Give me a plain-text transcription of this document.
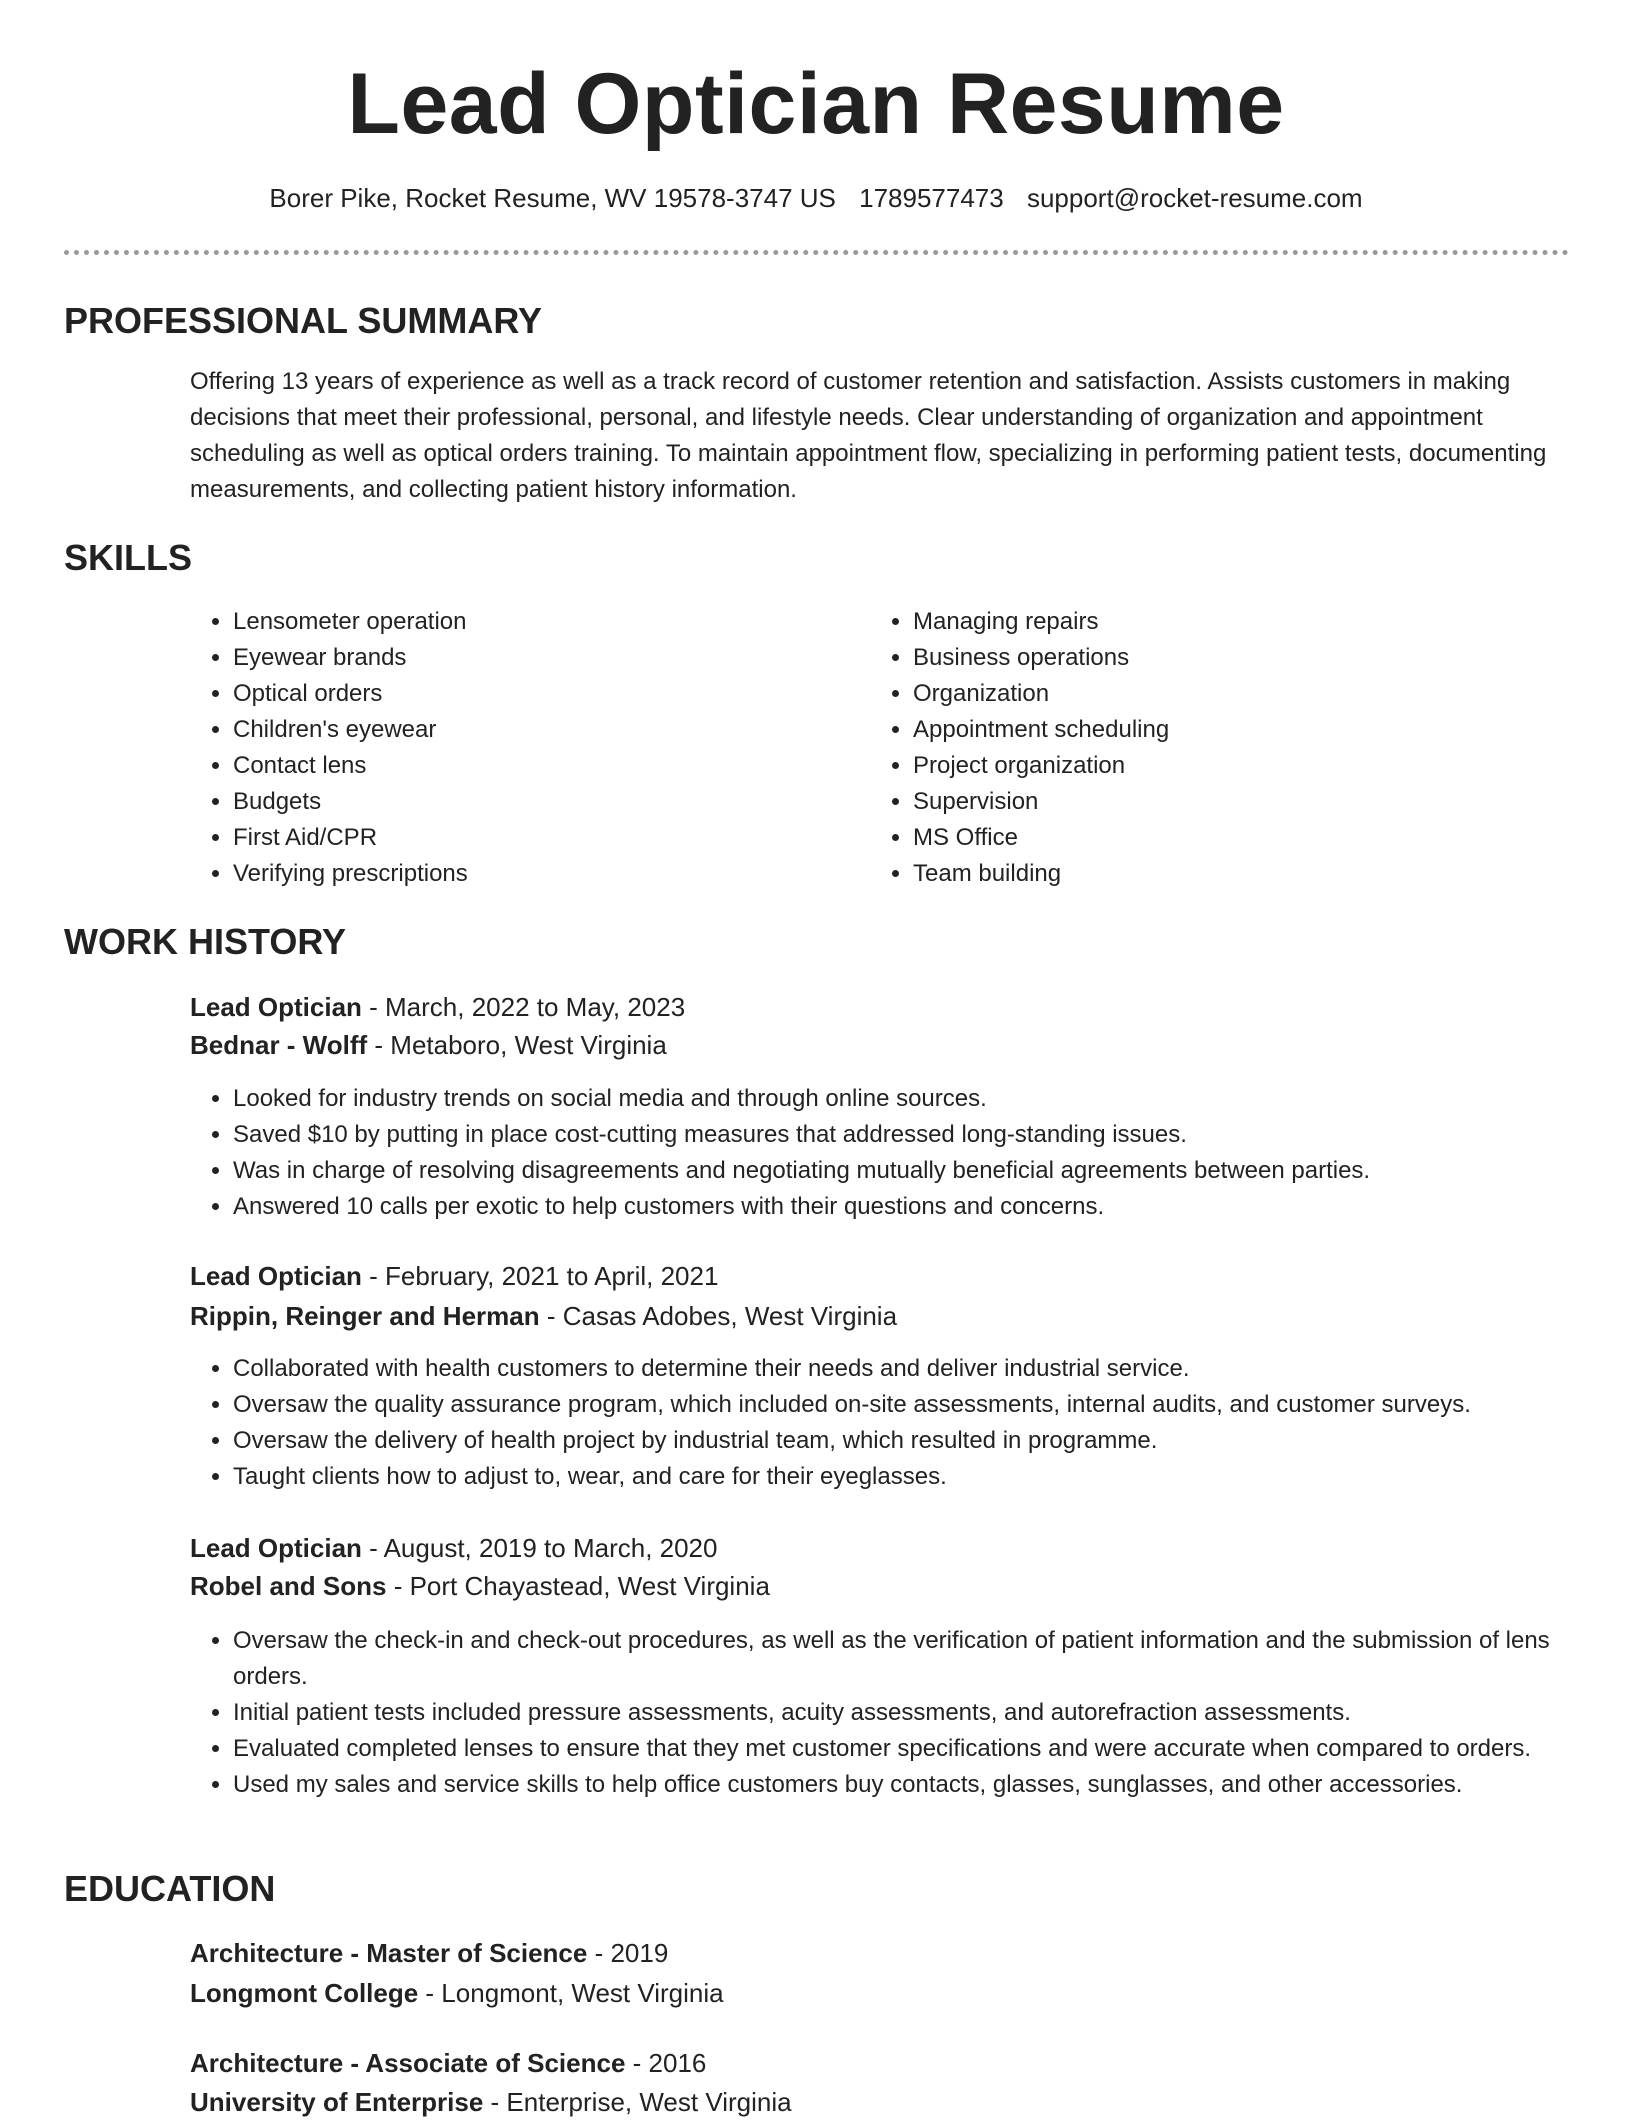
Lead Optician Resume
Borer Pike, Rocket Resume, WV 19578-3747 US 1789577473 support@rocket-resume.com
PROFESSIONAL SUMMARY

Offering 13 years of experience as well as a track record of customer retention and satisfaction. Assists customers in making decisions that meet their professional, personal, and lifestyle needs. Clear understanding of organization and appointment scheduling as well as optical orders training. To maintain appointment flow, specializing in performing patient tests, documenting measurements, and collecting patient history information.

SKILLS
• Lensometer operation
• Eyewear brands
• Optical orders
• Children's eyewear
• Contact lens
• Budgets
• First Aid/CPR
• Verifying prescriptions
• Managing repairs
• Business operations
• Organization
• Appointment scheduling
• Project organization
• Supervision
• MS Office
• Team building
WORK HISTORY
Lead Optician - March, 2022 to May, 2023
Bednar - Wolff - Metaboro, West Virginia
• Looked for industry trends on social media and through online sources.
• Saved $10 by putting in place cost-cutting measures that addressed long-standing issues.
• Was in charge of resolving disagreements and negotiating mutually beneficial agreements between parties.
• Answered 10 calls per exotic to help customers with their questions and concerns.
Lead Optician - February, 2021 to April, 2021
Rippin, Reinger and Herman - Casas Adobes, West Virginia
• Collaborated with health customers to determine their needs and deliver industrial service.
• Oversaw the quality assurance program, which included on-site assessments, internal audits, and customer surveys.
• Oversaw the delivery of health project by industrial team, which resulted in programme.
• Taught clients how to adjust to, wear, and care for their eyeglasses.
Lead Optician - August, 2019 to March, 2020
Robel and Sons - Port Chayastead, West Virginia
• Oversaw the check-in and check-out procedures, as well as the verification of patient information and the submission of lens orders.
• Initial patient tests included pressure assessments, acuity assessments, and autorefraction assessments.
• Evaluated completed lenses to ensure that they met customer specifications and were accurate when compared to orders.
• Used my sales and service skills to help office customers buy contacts, glasses, sunglasses, and other accessories.
EDUCATION
Architecture - Master of Science - 2019
Longmont College - Longmont, West Virginia
Architecture - Associate of Science - 2016
University of Enterprise - Enterprise, West Virginia
